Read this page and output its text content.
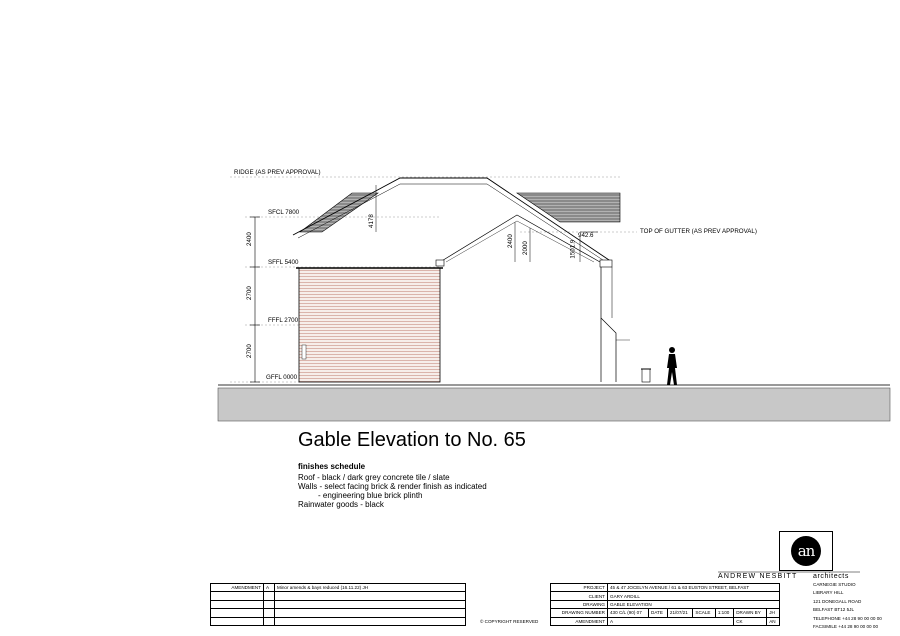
RIDGE (AS PREV APPROVAL)
SFCL 7800
SFFL 5400
FFFL 2700
GFFL 0000
TOP OF GUTTER (AS PREV APPROVAL)
2400
2700
2700
4178
2400
2000
942.6
1501.9
Gable Elevation to No. 65
finishes schedule
Roof - black / dark grey concrete tile / slate
Walls - select facing brick & render finish as indicated
- engineering blue brick plinth
Rainwater goods - black
AMENDMENT	A	Minor amends & bays reduced (16.11.22) JH

© COPYRIGHT RESERVED
PROJECT	45 & 47 JOCELYN AVENUE / 61 & 63 EUSTON STREET, BELFAST						
CLIENT	GARY ARDILL						
DRAWING	GABLE ELEVATION						
DRAWING NUMBER	430 C/L (90) 07	DATE	21/07/21	SCALE	1:100	DRAWN BY	JH
AMENDMENT	A					CK	AN
an
ANDREW NESBITT architects
CARNEGIE STUDIO
LIBRARY HILL
121 DONEGALL ROAD
BELFAST BT12 5JL
TELEPHONE +44 28 90 00 00 00
FACSIMILE +44 28 90 00 00 00
